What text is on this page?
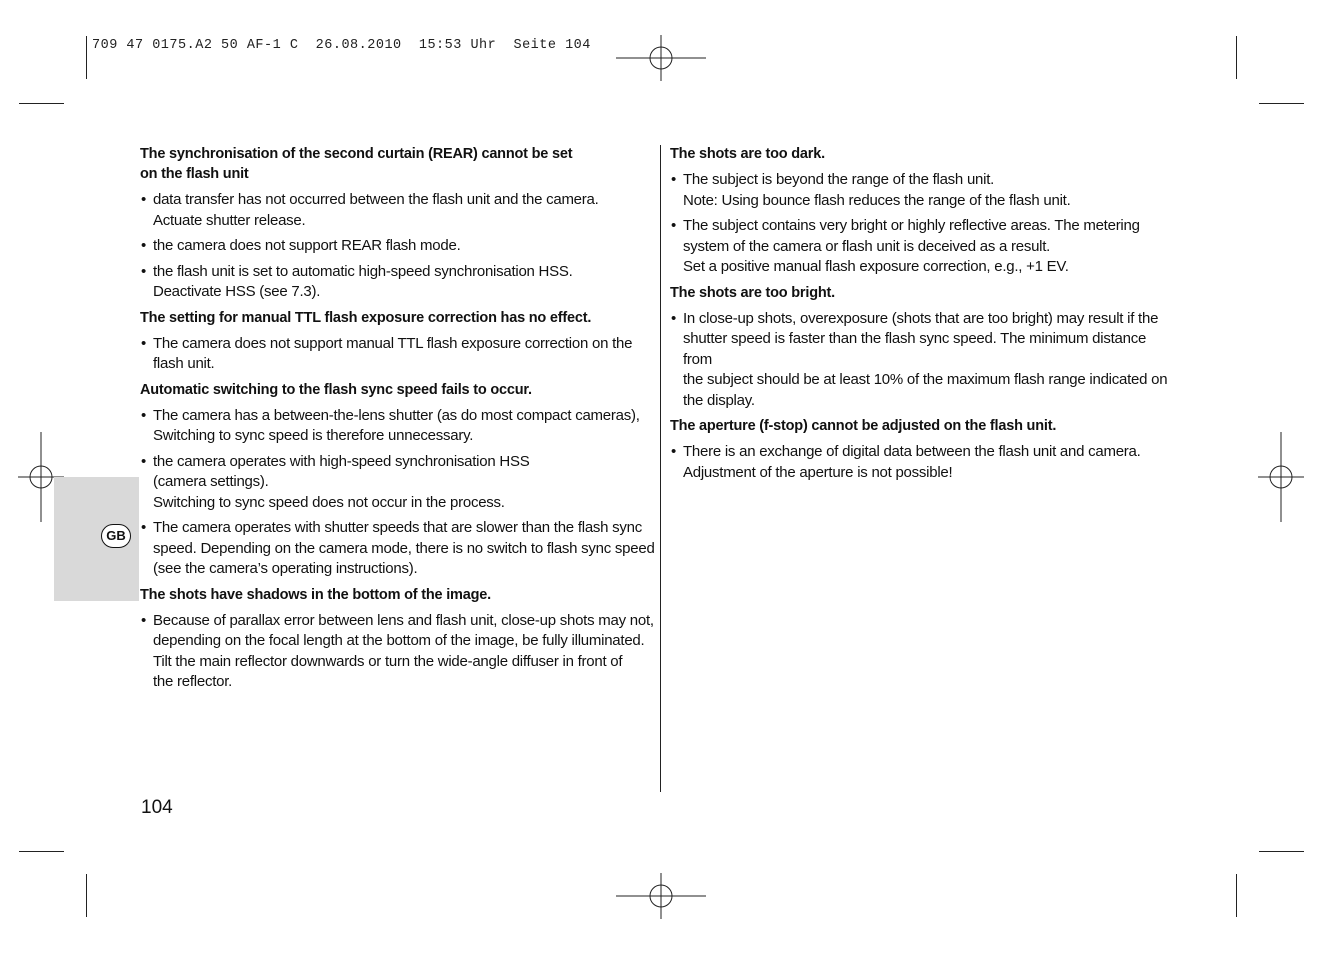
709 47 0175.A2 50 AF-1 C  26.08.2010  15:53 Uhr  Seite 104
GB
The synchronisation of the second curtain (REAR) cannot be set
on the flash unit
• data transfer has not occurred between the flash unit and the camera.
Actuate shutter release.
• the camera does not support REAR flash mode.
• the flash unit is set to automatic high-speed synchronisation HSS.
Deactivate HSS (see 7.3).
The setting for manual TTL flash exposure correction has no effect.
• The camera does not support manual TTL flash exposure correction on the
flash unit.
Automatic switching to the flash sync speed fails to occur.
• The camera has a between-the-lens shutter (as do most compact cameras),
Switching to sync speed is therefore unnecessary.
• the camera operates with high-speed synchronisation HSS
(camera settings).
Switching to sync speed does not occur in the process.
• The camera operates with shutter speeds that are slower than the flash sync
speed. Depending on the camera mode, there is no switch to flash sync speed
(see the camera’s operating instructions).
The shots have shadows in the bottom of the image.
• Because of parallax error between lens and flash unit, close-up shots may not,
depending on the focal length at the bottom of the image, be fully illuminated.
Tilt the main reflector downwards or turn the wide-angle diffuser in front of
the reflector.
The shots are too dark.
• The subject is beyond the range of the flash unit.
Note: Using bounce flash reduces the range of the flash unit.
• The subject contains very bright or highly reflective areas. The metering
system of the camera or flash unit is deceived as a result.
Set a positive manual flash exposure correction, e.g., +1 EV.
The shots are too bright.
• In close-up shots, overexposure (shots that are too bright) may result if the
shutter speed is faster than the flash sync speed. The minimum distance from
the subject should be at least 10% of the maximum flash range indicated on
the display.
The aperture (f-stop) cannot be adjusted on the flash unit.
• There is an exchange of digital data between the flash unit and camera.
Adjustment of the aperture is not possible!
104
